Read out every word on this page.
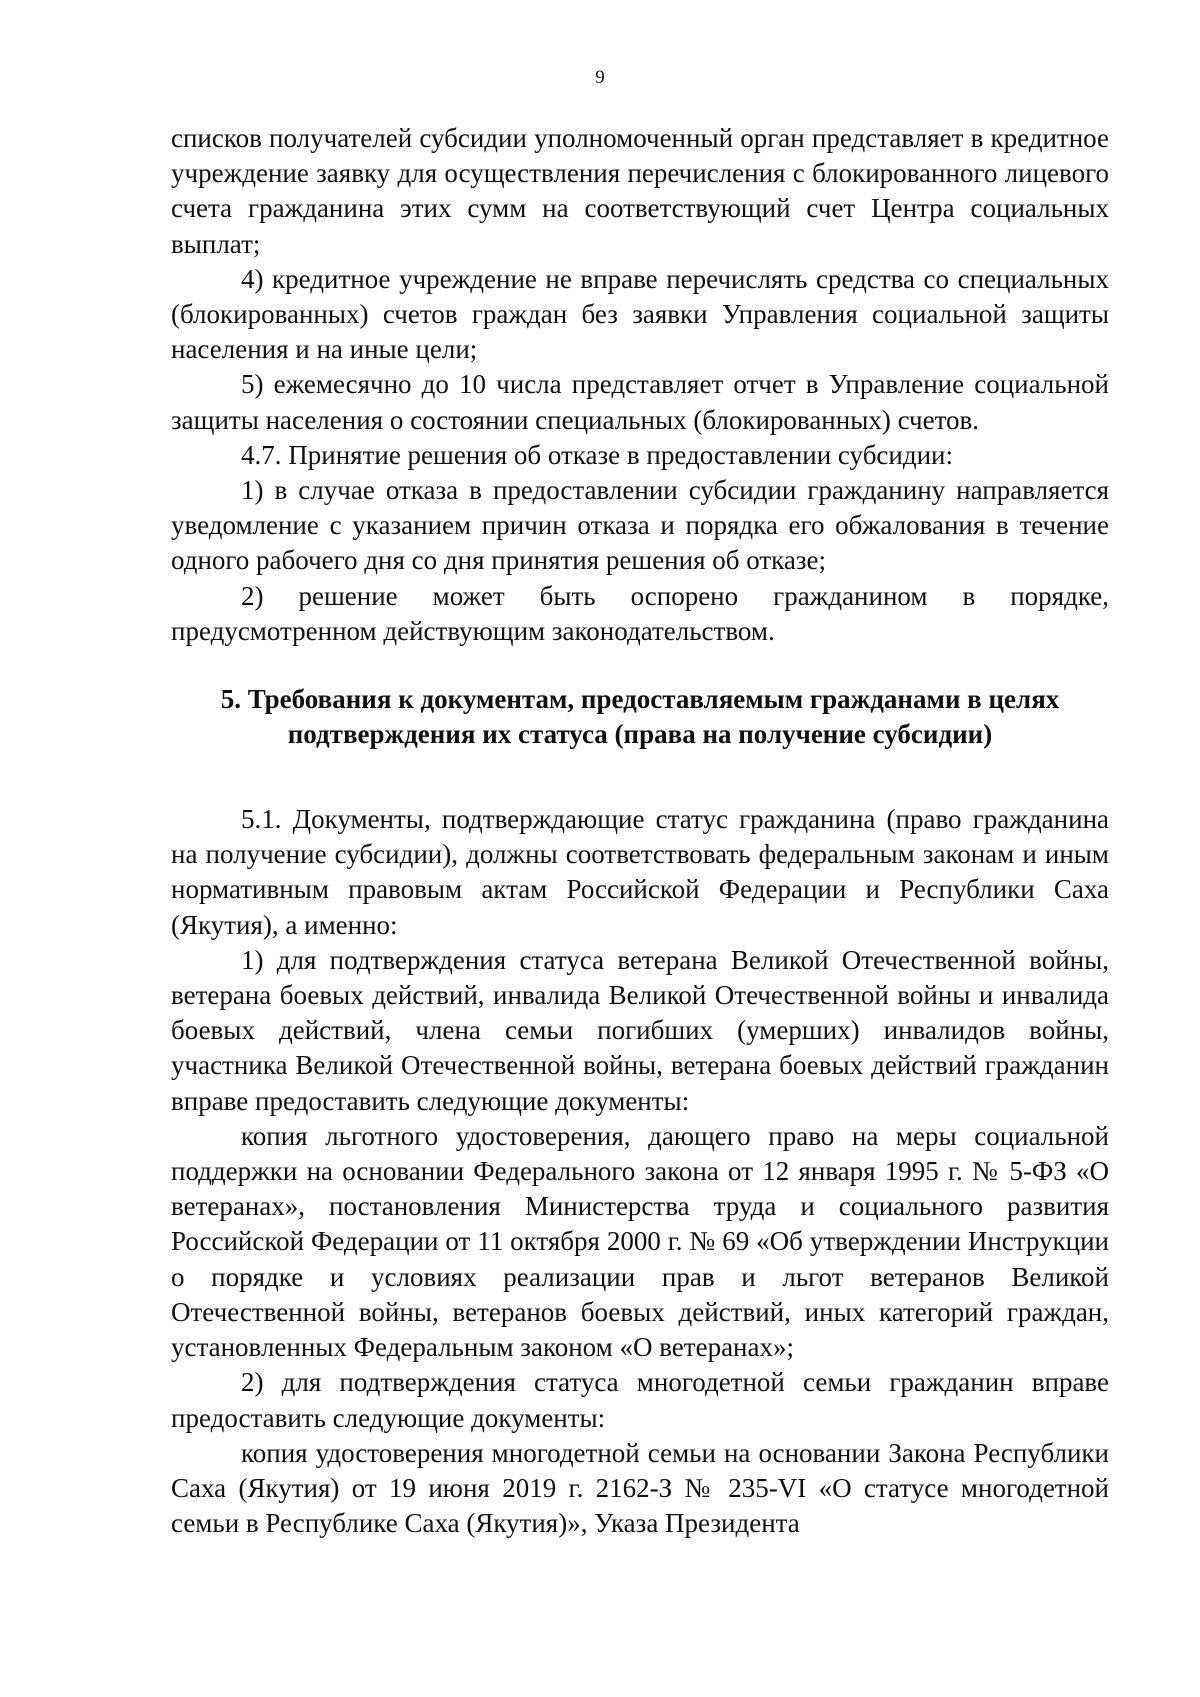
9

списков получателей субсидии уполномоченный орган представляет в кредитное учреждение заявку для осуществления перечисления с блокированного лицевого счета гражданина этих сумм на соответствующий счет Центра социальных выплат;

4) кредитное учреждение не вправе перечислять средства со специальных (блокированных) счетов граждан без заявки Управления социальной защиты населения и на иные цели;

5) ежемесячно до 10 числа представляет отчет в Управление социальной защиты населения о состоянии специальных (блокированных) счетов.

4.7. Принятие решения об отказе в предоставлении субсидии:

1) в случае отказа в предоставлении субсидии гражданину направляется уведомление с указанием причин отказа и порядка его обжалования в течение одного рабочего дня со дня принятия решения об отказе;

2) решение может быть оспорено гражданином в порядке, предусмотренном действующим законодательством.

5. Требования к документам, предоставляемым гражданами в целях
подтверждения их статуса (права на получение субсидии)

5.1. Документы, подтверждающие статус гражданина (право гражданина на получение субсидии), должны соответствовать федеральным законам и иным нормативным правовым актам Российской Федерации и Республики Саха (Якутия), а именно:

1) для подтверждения статуса ветерана Великой Отечественной войны, ветерана боевых действий, инвалида Великой Отечественной войны и инвалида боевых действий, члена семьи погибших (умерших) инвалидов войны, участника Великой Отечественной войны, ветерана боевых действий гражданин вправе предоставить следующие документы:

копия льготного удостоверения, дающего право на меры социальной поддержки на основании Федерального закона от 12 января 1995 г. № 5-ФЗ «О ветеранах», постановления Министерства труда и социального развития Российской Федерации от 11 октября 2000 г. № 69 «Об утверждении Инструкции о порядке и условиях реализации прав и льгот ветеранов Великой Отечественной войны, ветеранов боевых действий, иных категорий граждан, установленных Федеральным законом «О ветеранах»;

2) для подтверждения статуса многодетной семьи гражданин вправе предоставить следующие документы:

копия удостоверения многодетной семьи на основании Закона Республики Саха (Якутия) от 19 июня 2019 г. 2162-З № 235-VI «О статусе многодетной семьи в Республике Саха (Якутия)», Указа Президента
